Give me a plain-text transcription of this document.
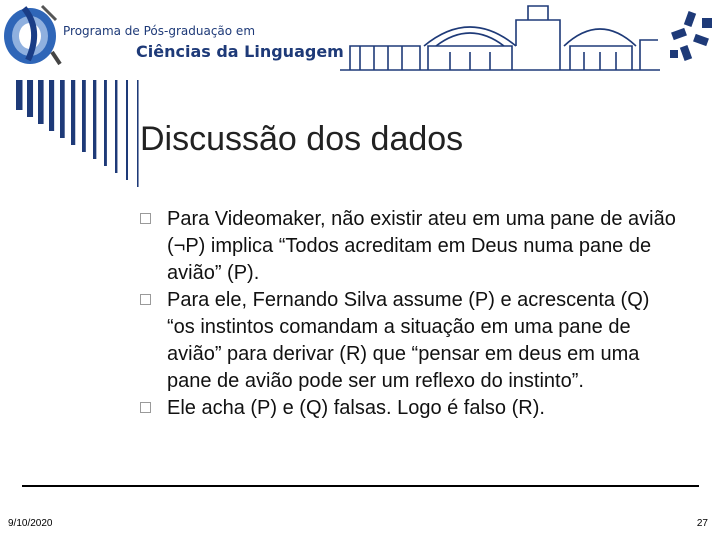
Programa de Pós-graduação em
Ciências da Linguagem
Discussão dos dados
Para Videomaker, não existir ateu em uma pane de avião (¬P) implica “Todos acreditam em Deus numa pane de avião” (P).
Para ele, Fernando Silva assume (P) e acrescenta (Q) “os instintos comandam a situação em uma pane de avião” para derivar (R) que “pensar em deus em uma pane de avião pode ser um reflexo do instinto”.
Ele acha (P) e (Q) falsas. Logo é falso (R).
9/10/2020	27
